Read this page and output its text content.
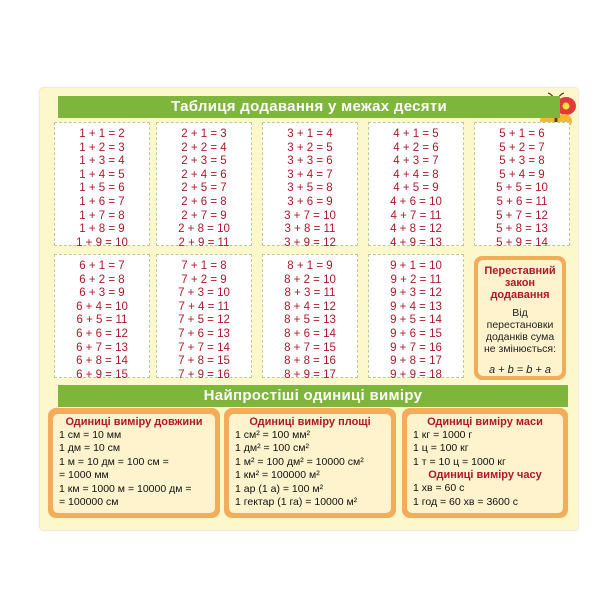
Таблиця додавання у межах десяти
1 + 1 = 2
1 + 2 = 3
1 + 3 = 4
1 + 4 = 5
1 + 5 = 6
1 + 6 = 7
1 + 7 = 8
1 + 8 = 9
1 + 9 = 10
2 + 1 = 3
2 + 2 = 4
2 + 3 = 5
2 + 4 = 6
2 + 5 = 7
2 + 6 = 8
2 + 7 = 9
2 + 8 = 10
2 + 9 = 11
3 + 1 = 4
3 + 2 = 5
3 + 3 = 6
3 + 4 = 7
3 + 5 = 8
3 + 6 = 9
3 + 7 = 10
3 + 8 = 11
3 + 9 = 12
4 + 1 = 5
4 + 2 = 6
4 + 3 = 7
4 + 4 = 8
4 + 5 = 9
4 + 6 = 10
4 + 7 = 11
4 + 8 = 12
4 + 9 = 13
5 + 1 = 6
5 + 2 = 7
5 + 3 = 8
5 + 4 = 9
5 + 5 = 10
5 + 6 = 11
5 + 7 = 12
5 + 8 = 13
5 + 9 = 14
6 + 1 = 7
6 + 2 = 8
6 + 3 = 9
6 + 4 = 10
6 + 5 = 11
6 + 6 = 12
6 + 7 = 13
6 + 8 = 14
6 + 9 = 15
7 + 1 = 8
7 + 2 = 9
7 + 3 = 10
7 + 4 = 11
7 + 5 = 12
7 + 6 = 13
7 + 7 = 14
7 + 8 = 15
7 + 9 = 16
8 + 1 = 9
8 + 2 = 10
8 + 3 = 11
8 + 4 = 12
8 + 5 = 13
8 + 6 = 14
8 + 7 = 15
8 + 8 = 16
8 + 9 = 17
9 + 1 = 10
9 + 2 = 11
9 + 3 = 12
9 + 4 = 13
9 + 5 = 14
9 + 6 = 15
9 + 7 = 16
9 + 8 = 17
9 + 9 = 18
Переставний
закон
додавання
Від перестановки
доданків сума
не змінюється:
a + b = b + a
Найпростіші одиниці виміру
Одиниці виміру довжини
1 см = 10 мм
1 дм = 10 см
1 м = 10 дм = 100 см =
= 1000 мм
1 км = 1000 м = 10000 дм =
= 100000 см
Одиниці виміру площі
1 см² = 100 мм²
1 дм² = 100 см²
1 м² = 100 дм² = 10000 см²
1 км² = 100000 м²
1 ар (1 а) = 100 м²
1 гектар (1 га) = 10000 м²
Одиниці виміру маси
1 кг = 1000 г
1 ц = 100 кг
1 т = 10 ц = 1000 кг
Одиниці виміру часу
1 хв = 60 с
1 год = 60 хв = 3600 с
